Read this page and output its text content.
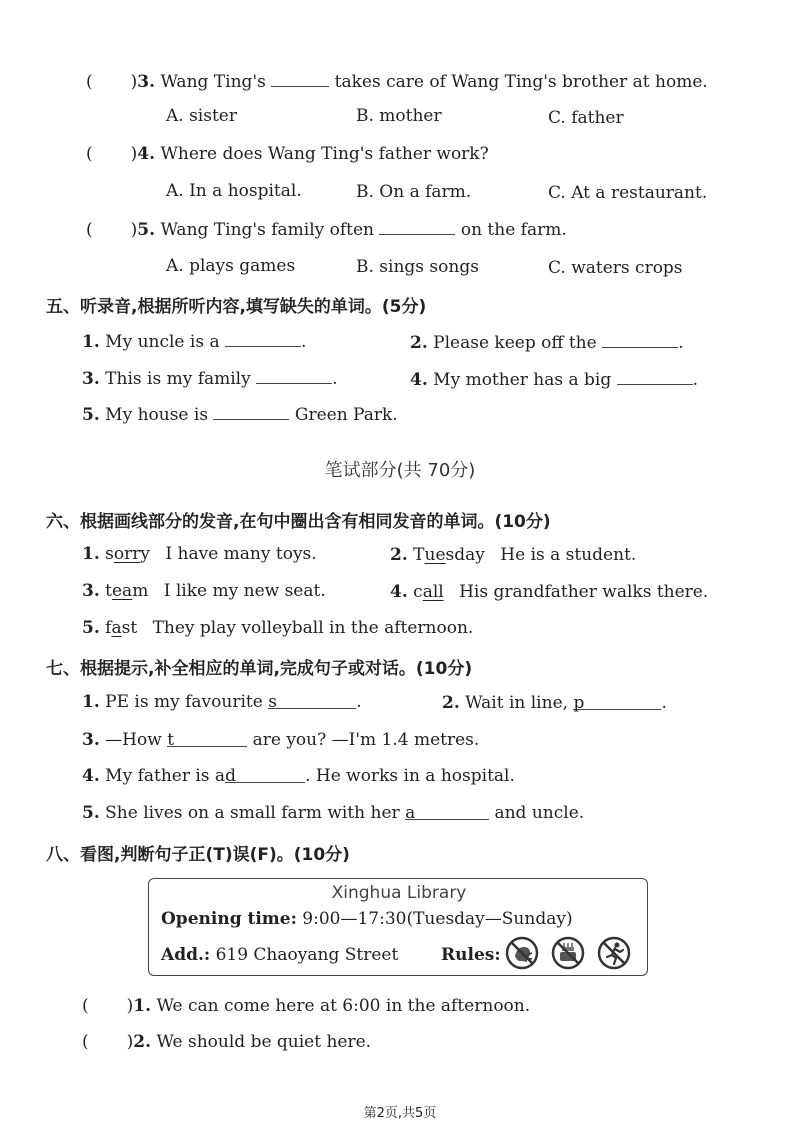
( )3. Wang Ting's	takes care of Wang Ting's brother at home.
A. sister	B. mother	C. father
( )4. Where does Wang Ting's father work?
A. In a hospital.	B. On a farm.	C. At a restaurant.
( )5. Wang Ting's family often	on the farm.
A. plays games	B. sings songs	C. waters crops
五、听录音,根据所听内容,填写缺失的单词。(5分)
1. My uncle is a	.	2. Please keep off the	.
3. This is my family	.	4. My mother has a big	.
5. My house is	Green Park.
笔试部分(共 70分)
六、根据画线部分的发音,在句中圈出含有相同发音的单词。(10分)
1. sorry I have many toys.	2. Tuesday He is a student.
3. team I like my new seat.	4. call His grandfather walks there.
5. fast They play volleyball in the afternoon.
七、根据提示,补全相应的单词,完成句子或对话。(10分)
1. PE is my favourite s	.	2. Wait in line, p	.
3. —How t	are you? —I'm 1.4 metres.
4. My father is ad	. He works in a hospital.
5. She lives on a small farm with her a	and uncle.
八、看图,判断句子正(T)误(F)。(10分)
Xinghua Library
Opening time: 9:00—17:30(Tuesday—Sunday)
Add.: 619 Chaoyang Street	Rules:
( )1. We can come here at 6:00 in the afternoon.
( )2. We should be quiet here.
第2页,共5页
